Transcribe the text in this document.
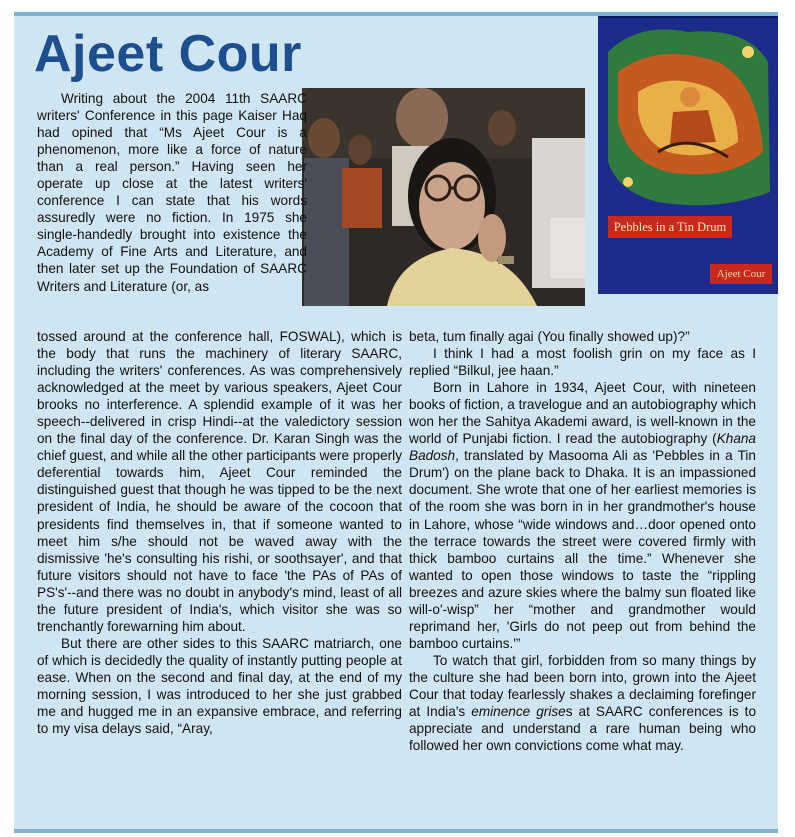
Ajeet Cour
Pebbles in a Tin Drum
Ajeet Cour

Writing about the 2004 11th SAARC writers' Conference in this page Kaiser Haq had opined that “Ms Ajeet Cour is a phenomenon, more like a force of nature than a real person.” Having seen her operate up close at the latest writers' conference I can state that his words assuredly were no fiction. In 1975 she single-handedly brought into existence the Academy of Fine Arts and Literature, and then later set up the Foundation of SAARC Writers and Literature (or, as

tossed around at the conference hall, FOSWAL), which is the body that runs the machinery of literary SAARC, including the writers' conferences. As was comprehensively acknowledged at the meet by various speakers, Ajeet Cour brooks no interference. A splendid example of it was her speech--delivered in crisp Hindi--at the valedictory session on the final day of the conference. Dr. Karan Singh was the chief guest, and while all the other participants were properly deferential towards him, Ajeet Cour reminded the distinguished guest that though he was tipped to be the next president of India, he should be aware of the cocoon that presidents find themselves in, that if someone wanted to meet him s/he should not be waved away with the dismissive 'he's consulting his rishi, or soothsayer', and that future visitors should not have to face 'the PAs of PAs of PS's'--and there was no doubt in anybody's mind, least of all the future president of India's, which visitor she was so trenchantly forewarning him about.

But there are other sides to this SAARC matriarch, one of which is decidedly the quality of instantly putting people at ease. When on the second and final day, at the end of my morning session, I was introduced to her she just grabbed me and hugged me in an expansive embrace, and referring to my visa delays said, “Aray,

beta, tum finally agai (You finally showed up)?”

I think I had a most foolish grin on my face as I replied “Bilkul, jee haan.”

Born in Lahore in 1934, Ajeet Cour, with nineteen books of fiction, a travelogue and an autobiography which won her the Sahitya Akademi award, is well-known in the world of Punjabi fiction. I read the autobiography (Khana Badosh, translated by Masooma Ali as 'Pebbles in a Tin Drum') on the plane back to Dhaka. It is an impassioned document. She wrote that one of her earliest memories is of the room she was born in in her grandmother's house in Lahore, whose “wide windows and…door opened onto the terrace towards the street were covered firmly with thick bamboo curtains all the time.” Whenever she wanted to open those windows to taste the “rippling breezes and azure skies where the balmy sun floated like will-o'-wisp” her “mother and grandmother would reprimand her, 'Girls do not peep out from behind the bamboo curtains.'”

To watch that girl, forbidden from so many things by the culture she had been born into, grown into the Ajeet Cour that today fearlessly shakes a declaiming forefinger at India's eminence grises at SAARC conferences is to appreciate and understand a rare human being who followed her own convictions come what may.
